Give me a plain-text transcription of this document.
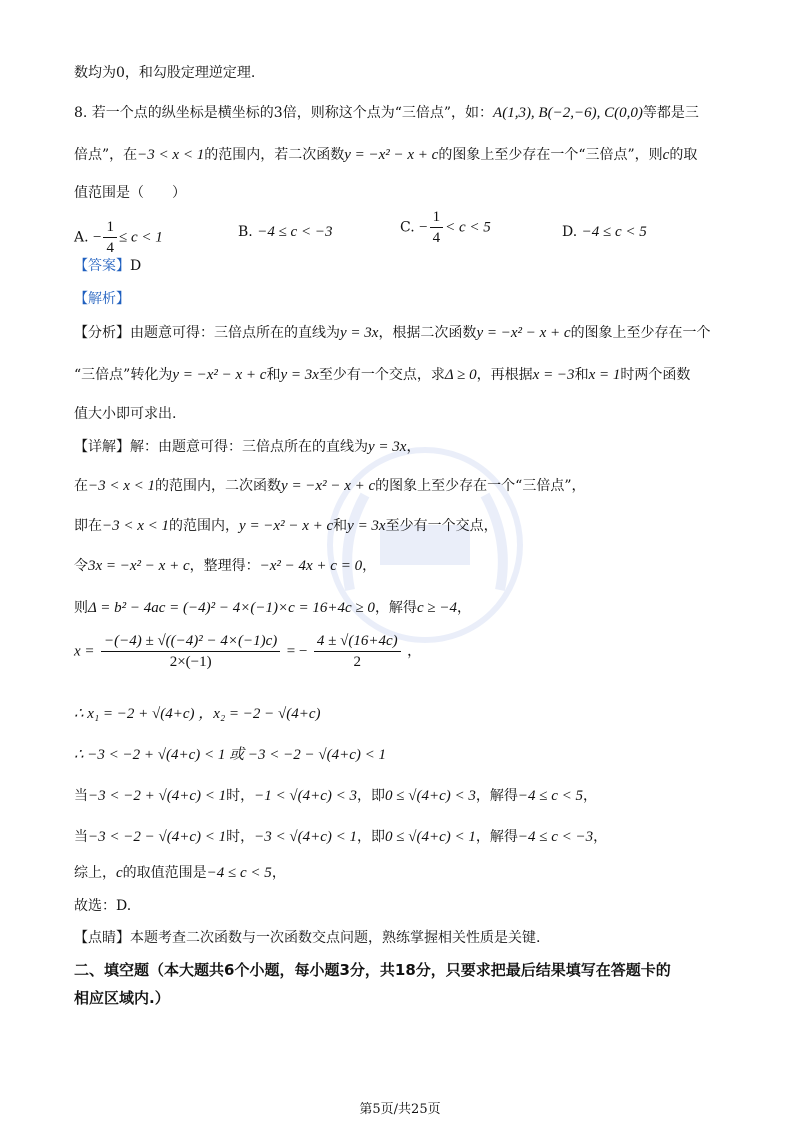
数均为0，和勾股定理逆定理.
8. 若一个点的纵坐标是横坐标的3倍，则称这个点为“三倍点”，如：A(1,3), B(−2,−6), C(0,0)等都是三
倍点”，在−3 < x < 1的范围内，若二次函数y = −x² − x + c的图象上至少存在一个“三倍点”，则c的取
值范围是（　　）
A. − $\frac{1}{4} \le c < 1$	B. −4 ≤ c < −3	C. − $\frac{1}{4} < c < 5$	D. −4 ≤ c < 5
【答案】D
【解析】
【分析】由题意可得：三倍点所在的直线为y = 3x，根据二次函数y = −x² − x + c的图象上至少存在一个
“三倍点”转化为y = −x² − x + c和y = 3x至少有一个交点，求Δ ≥ 0，再根据x = −3和x = 1时两个函数
值大小即可求出.
【详解】解：由题意可得：三倍点所在的直线为y = 3x，
在−3 < x < 1的范围内，二次函数y = −x² − x + c的图象上至少存在一个“三倍点”，
即在−3 < x < 1的范围内，y = −x² − x + c和y = 3x至少有一个交点，
令3x = −x² − x + c，整理得：−x² − 4x + c = 0，
则Δ = b² − 4ac = (−4)² − 4×(−1)×c = 16+4c ≥ 0，解得c ≥ −4，
$x = \frac{\text{−(−4) ± √((−4)² − 4×(−1)c)}}{2\times(-1)}$ = − $\frac{4 \pm √(16+4c)}{2}$ ，
∴ x₁ = −2 + √(4+c) ，x₂ = −2 − √(4+c)
∴ −3 < −2 + √(4+c) < 1 或 −3 < −2 − √(4+c) < 1
当−3 < −2 + √(4+c) < 1时，−1 < √(4+c) < 3，即0 ≤ √(4+c) < 3，解得−4 ≤ c < 5，
当−3 < −2 − √(4+c) < 1时，−3 < √(4+c) < 1，即0 ≤ √(4+c) < 1，解得−4 ≤ c < −3，
综上，c的取值范围是−4 ≤ c < 5，
故选：D.
【点睛】本题考查二次函数与一次函数交点问题，熟练掌握相关性质是关键.
二、填空题（本大题共6个小题，每小题3分，共18分，只要求把最后结果填写在答题卡的
相应区域内.）
第5页/共25页
